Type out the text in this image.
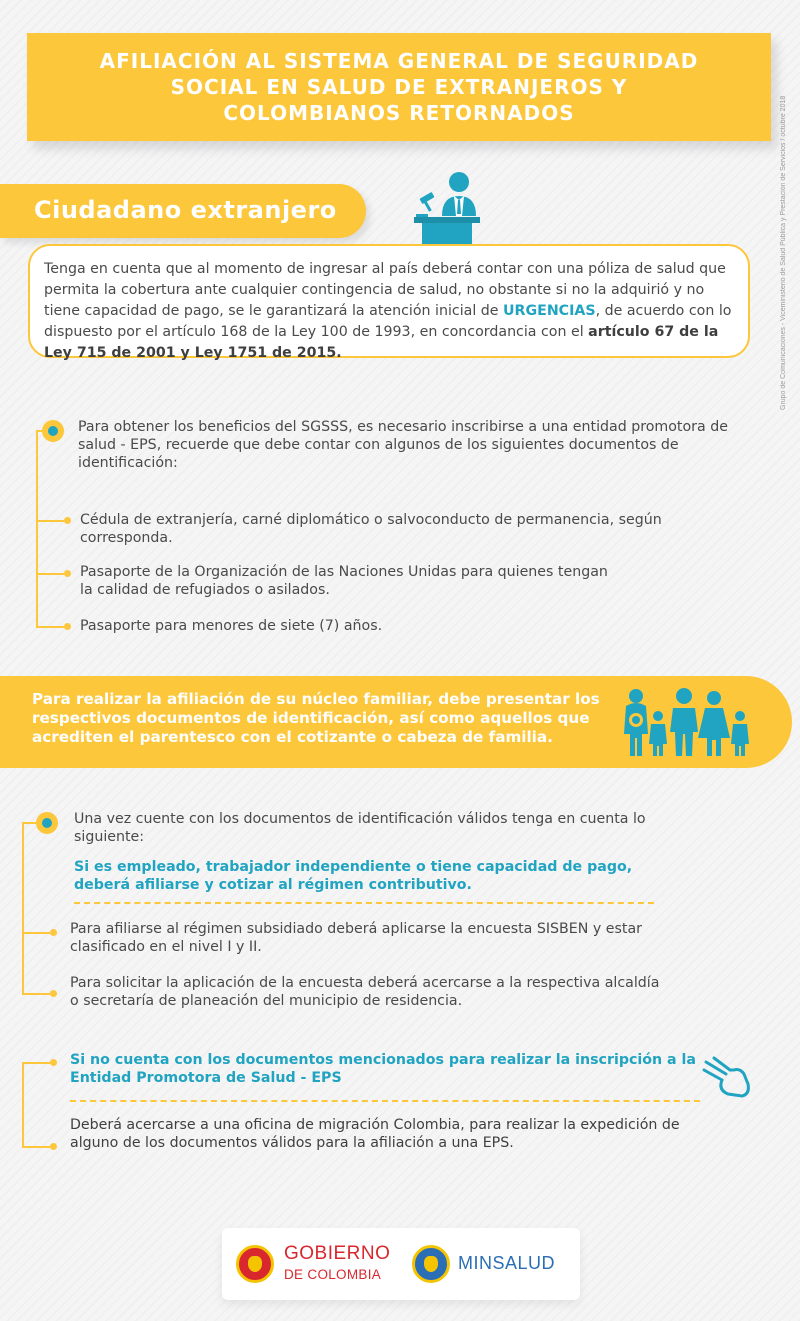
AFILIACIÓN AL SISTEMA GENERAL DE SEGURIDAD
SOCIAL EN SALUD DE EXTRANJEROS Y
COLOMBIANOS RETORNADOS	Grupo de Comunicaciones - Viceministerio de Salud Pública y Prestación de Servicios / octubre 2018
Ciudadano extranjero
Tenga en cuenta que al momento de ingresar al país deberá contar con una póliza de salud que permita la cobertura ante cualquier contingencia de salud, no obstante si no la adquirió y no tiene capacidad de pago, se le garantizará la atención inicial de URGENCIAS, de acuerdo con lo dispuesto por el artículo 168 de la Ley 100 de 1993, en concordancia con el artículo 67 de la Ley 715 de 2001 y Ley 1751 de 2015.
Para obtener los beneficios del SGSSS, es necesario inscribirse a una entidad promotora de salud - EPS, recuerde que debe contar con algunos de los siguientes documentos de identificación:
Cédula de extranjería, carné diplomático o salvoconducto de permanencia, según corresponda.
Pasaporte de la Organización de las Naciones Unidas para quienes tengan
la calidad de refugiados o asilados.
Pasaporte para menores de siete (7) años.
Para realizar la afiliación de su núcleo familiar, debe presentar los respectivos documentos de identificación, así como aquellos que acrediten el parentesco con el cotizante o cabeza de familia.
Una vez cuente con los documentos de identificación válidos tenga en cuenta lo siguiente:
Si es empleado, trabajador independiente o tiene capacidad de pago, deberá afiliarse y cotizar al régimen contributivo.
Para afiliarse al régimen subsidiado deberá aplicarse la encuesta SISBEN y estar clasificado en el nivel I y II.
Para solicitar la aplicación de la encuesta deberá acercarse a la respectiva alcaldía o secretaría de planeación del municipio de residencia.
Si no cuenta con los documentos mencionados para realizar la inscripción a la Entidad Promotora de Salud - EPS
Deberá acercarse a una oficina de migración Colombia, para realizar la expedición de alguno de los documentos válidos para la afiliación a una EPS.
GOBIERNO
DE COLOMBIA
MINSALUD
